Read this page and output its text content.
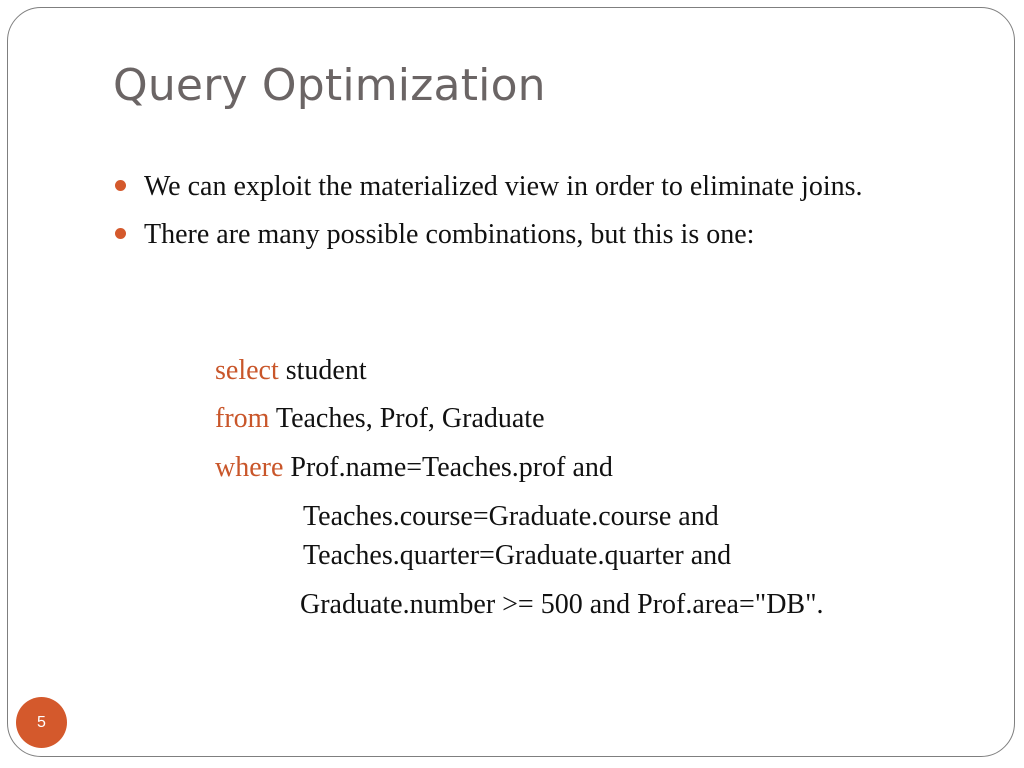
Query Optimization
We can exploit the materialized view in order to eliminate joins.
There are many possible combinations, but this is one:
select student
from Teaches, Prof, Graduate
where Prof.name=Teaches.prof and
Teaches.course=Graduate.course and
Teaches.quarter=Graduate.quarter and
Graduate.number >= 500 and Prof.area="DB".
5
